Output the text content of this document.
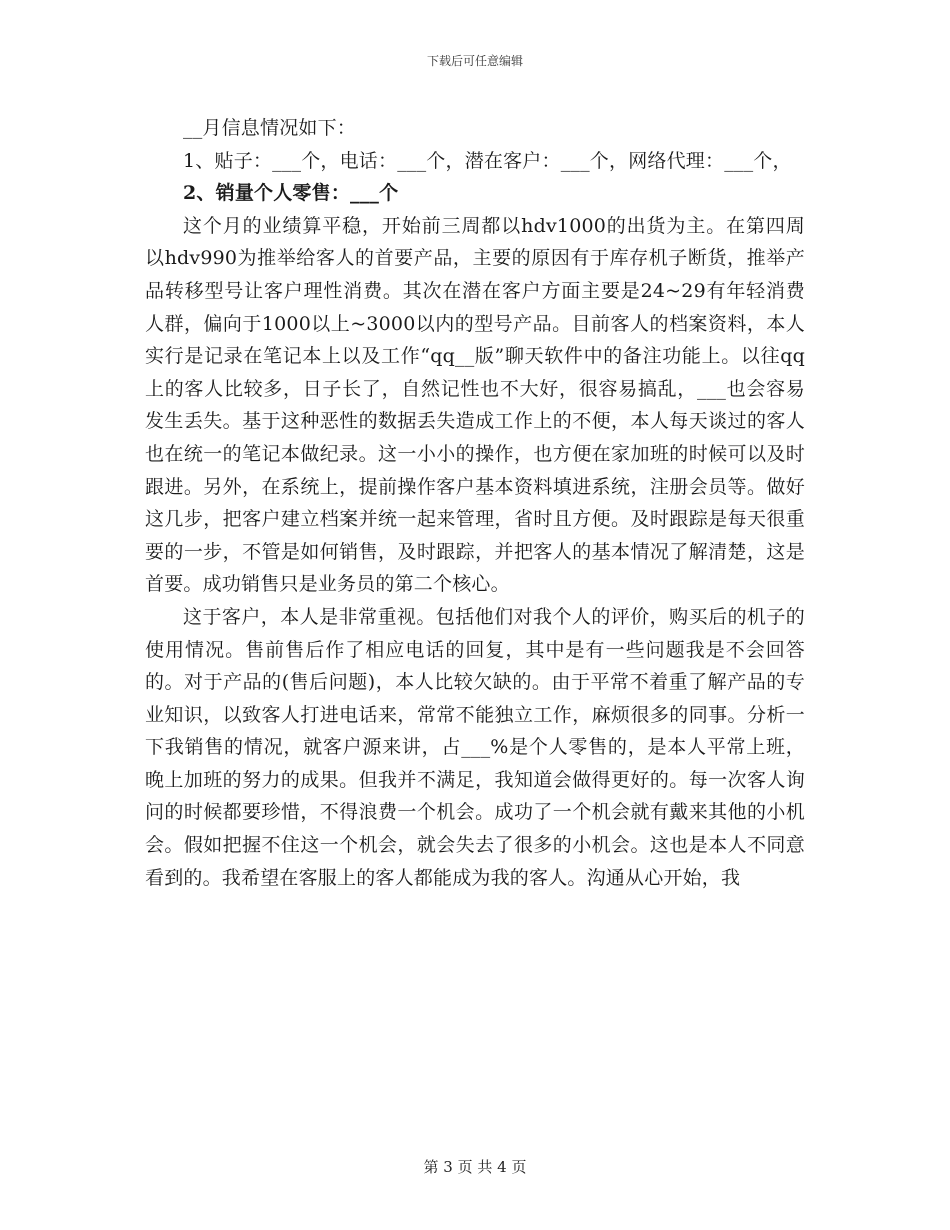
下载后可任意编辑

__月信息情况如下：

1、贴子：___个，电话：___个，潜在客户：___个，网络代理：___个，

2、销量个人零售：___个

这个月的业绩算平稳，开始前三周都以hdv1000的出货为主。在第四周以hdv990为推举给客人的首要产品，主要的原因有于库存机子断货，推举产品转移型号让客户理性消费。其次在潜在客户方面主要是24~29有年轻消费人群，偏向于1000以上~3000以内的型号产品。目前客人的档案资料，本人实行是记录在笔记本上以及工作“qq__版”聊天软件中的备注功能上。以往qq上的客人比较多，日子长了，自然记性也不大好，很容易搞乱，___也会容易发生丢失。基于这种恶性的数据丢失造成工作上的不便，本人每天谈过的客人也在统一的笔记本做纪录。这一小小的操作，也方便在家加班的时候可以及时跟进。另外，在系统上，提前操作客户基本资料填进系统，注册会员等。做好这几步，把客户建立档案并统一起来管理，省时且方便。及时跟踪是每天很重要的一步，不管是如何销售，及时跟踪，并把客人的基本情况了解清楚，这是首要。成功销售只是业务员的第二个核心。

这于客户，本人是非常重视。包括他们对我个人的评价，购买后的机子的使用情况。售前售后作了相应电话的回复，其中是有一些问题我是不会回答的。对于产品的(售后问题)，本人比较欠缺的。由于平常不着重了解产品的专业知识，以致客人打进电话来，常常不能独立工作，麻烦很多的同事。分析一下我销售的情况，就客户源来讲，占___%是个人零售的，是本人平常上班，晚上加班的努力的成果。但我并不满足，我知道会做得更好的。每一次客人询问的时候都要珍惜，不得浪费一个机会。成功了一个机会就有戴来其他的小机会。假如把握不住这一个机会，就会失去了很多的小机会。这也是本人不同意看到的。我希望在客服上的客人都能成为我的客人。沟通从心开始，我

第 3 页 共 4 页
